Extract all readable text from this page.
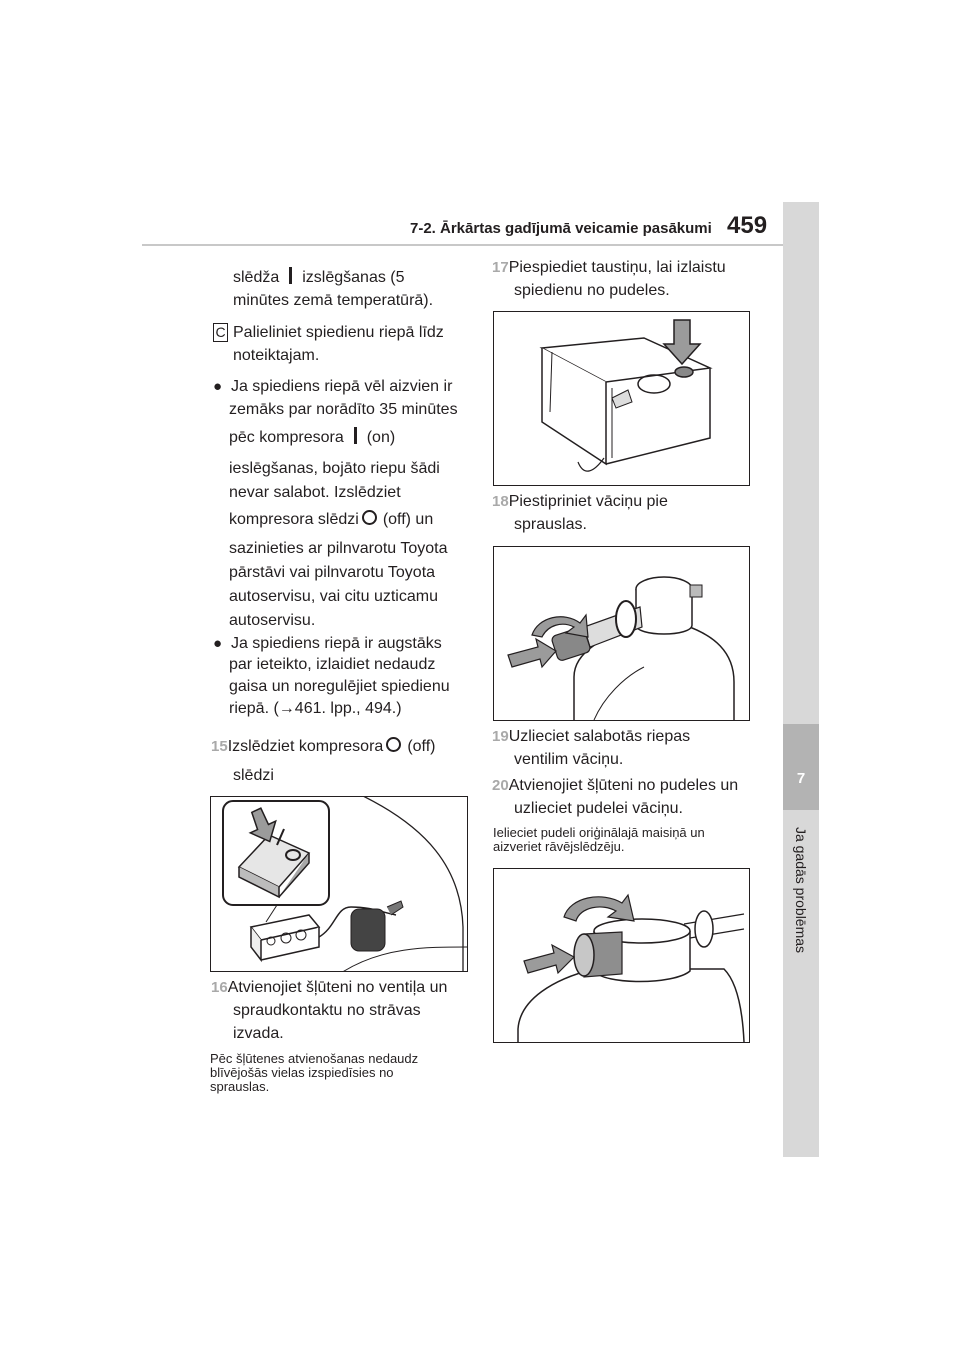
7
Ja gadās problēmas
7-2. Ārkārtas gadījumā veicamie pasākumi 459
slēdža izslēgšanas (5
minūtes zemā temperatūrā).
C Palieliniet spiedienu riepā līdz
noteiktajam.
● Ja spiediens riepā vēl aizvien ir
zemāks par norādīto 35 minūtes
pēc kompresora (on)
ieslēgšanas, bojāto riepu šādi
nevar salabot. Izslēdziet
kompresora slēdzi (off) un
sazinieties ar pilnvarotu Toyota
pārstāvi vai pilnvarotu Toyota
autoservisu, vai citu uzticamu
autoservisu.
● Ja spiediens riepā ir augstāks
par ieteikto, izlaidiet nedaudz
gaisa un noregulējiet spiedienu
riepā. (→461. lpp., 494.)
15Izslēdziet kompresora (off)
slēdzi
16Atvienojiet šļūteni no ventiļa un
spraudkontaktu no strāvas
izvada.
Pēc šļūtenes atvienošanas nedaudz
blīvējošās vielas izspiedīsies no
sprauslas.
17Piespiediet taustiņu, lai izlaistu
spiedienu no pudeles.
18Piestipriniet vāciņu pie
sprauslas.
19Uzlieciet salabotās riepas
ventilim vāciņu.
20Atvienojiet šļūteni no pudeles un
uzlieciet pudelei vāciņu.
Ielieciet pudeli oriģinālajā maisiņā un
aizveriet rāvējslēdzēju.
